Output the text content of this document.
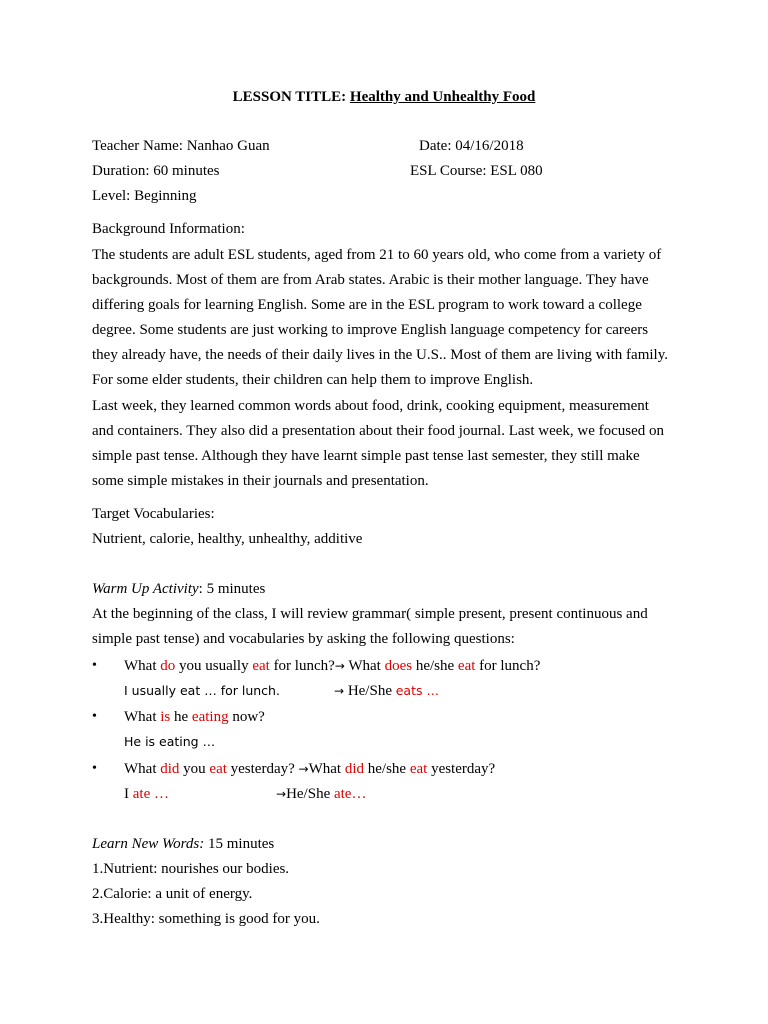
LESSON TITLE: Healthy and Unhealthy Food
Teacher Name: Nanhao Guan	Date: 04/16/2018
Duration: 60 minutes	ESL Course: ESL 080
Level: Beginning
Background Information:
The students are adult ESL students, aged from 21 to 60 years old, who come from a variety of
backgrounds. Most of them are from Arab states. Arabic is their mother language. They have
differing goals for learning English. Some are in the ESL program to work toward a college
degree. Some students are just working to improve English language competency for careers
they already have, the needs of their daily lives in the U.S.. Most of them are living with family.
For some elder students, their children can help them to improve English.
Last week, they learned common words about food, drink, cooking equipment, measurement
and containers. They also did a presentation about their food journal. Last week, we focused on
simple past tense. Although they have learnt simple past tense last semester, they still make
some simple mistakes in their journals and presentation.
Target Vocabularies:
Nutrient, calorie, healthy, unhealthy, additive
Warm Up Activity: 5 minutes
At the beginning of the class, I will review grammar( simple present, present continuous and
simple past tense) and vocabularies by asking the following questions:
• What do you usually eat for lunch?→ What does he/she eat for lunch?
I usually eat … for lunch.	→ He/She eats …
• What is he eating now?
He is eating …
• What did you eat yesterday? →What did he/she eat yesterday?
I ate …	→He/She ate…
Learn New Words: 15 minutes
1.Nutrient: nourishes our bodies.
2.Calorie: a unit of energy.
3.Healthy: something is good for you.
